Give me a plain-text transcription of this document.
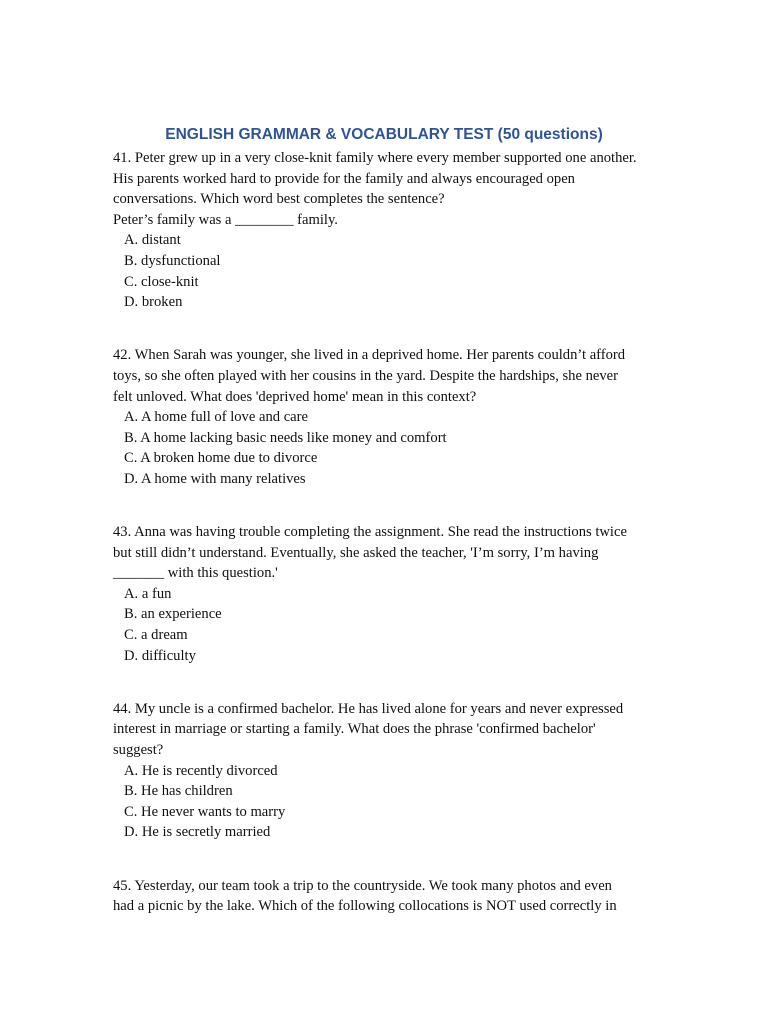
ENGLISH GRAMMAR & VOCABULARY TEST (50 questions)
41. Peter grew up in a very close-knit family where every member supported one another.
His parents worked hard to provide for the family and always encouraged open
conversations. Which word best completes the sentence?
Peter’s family was a ________ family.
A. distant
B. dysfunctional
C. close-knit
D. broken
42. When Sarah was younger, she lived in a deprived home. Her parents couldn’t afford
toys, so she often played with her cousins in the yard. Despite the hardships, she never
felt unloved. What does 'deprived home' mean in this context?
A. A home full of love and care
B. A home lacking basic needs like money and comfort
C. A broken home due to divorce
D. A home with many relatives
43. Anna was having trouble completing the assignment. She read the instructions twice
but still didn’t understand. Eventually, she asked the teacher, 'I’m sorry, I’m having
_______ with this question.'
A. a fun
B. an experience
C. a dream
D. difficulty
44. My uncle is a confirmed bachelor. He has lived alone for years and never expressed
interest in marriage or starting a family. What does the phrase 'confirmed bachelor'
suggest?
A. He is recently divorced
B. He has children
C. He never wants to marry
D. He is secretly married
45. Yesterday, our team took a trip to the countryside. We took many photos and even
had a picnic by the lake. Which of the following collocations is NOT used correctly in
